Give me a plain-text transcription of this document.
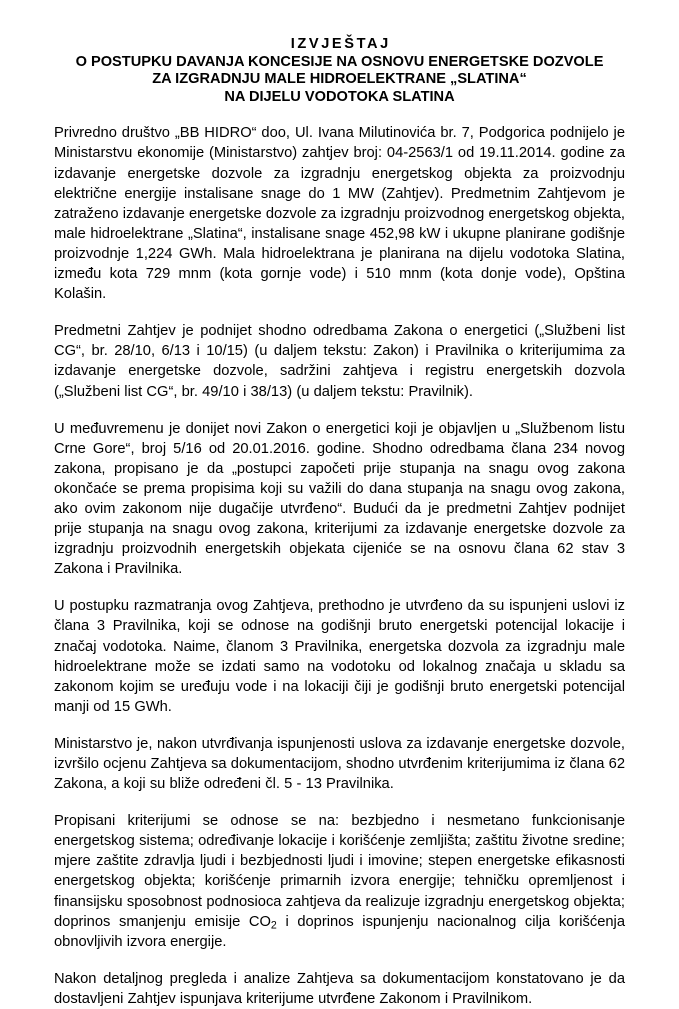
IZVJEŠTAJ
O POSTUPKU DAVANJA KONCESIJE NA OSNOVU ENERGETSKE DOZVOLE
ZA IZGRADNJU MALE HIDROELEKTRANE „SLATINA“
NA DIJELU VODOTOKA SLATINA

Privredno društvo „BB HIDRO“ doo, Ul. Ivana Milutinovića br. 7, Podgorica podnijelo je Ministarstvu ekonomije (Ministarstvo) zahtjev broj: 04-2563/1 od 19.11.2014. godine za izdavanje energetske dozvole za izgradnju energetskog objekta za proizvodnju električne energije instalisane snage do 1 MW (Zahtjev). Predmetnim Zahtjevom je zatraženo izdavanje energetske dozvole za izgradnju proizvodnog energetskog objekta, male hidroelektrane „Slatina“, instalisane snage 452,98 kW i ukupne planirane godišnje proizvodnje 1,224 GWh. Mala hidroelektrana je planirana na dijelu vodotoka Slatina, između kota 729 mnm (kota gornje vode) i 510 mnm (kota donje vode), Opština Kolašin.

Predmetni Zahtjev je podnijet shodno odredbama Zakona o energetici („Službeni list CG“, br. 28/10, 6/13 i 10/15) (u daljem tekstu: Zakon) i Pravilnika o kriterijumima za izdavanje energetske dozvole, sadržini zahtjeva i registru energetskih dozvola („Službeni list CG“, br. 49/10 i 38/13) (u daljem tekstu: Pravilnik).

U međuvremenu je donijet novi Zakon o energetici koji je objavljen u „Službenom listu Crne Gore“, broj 5/16 od 20.01.2016. godine. Shodno odredbama člana 234 novog zakona, propisano je da „postupci započeti prije stupanja na snagu ovog zakona okončaće se prema propisima koji su važili do dana stupanja na snagu ovog zakona, ako ovim zakonom nije dugačije utvrđeno“. Budući da je predmetni Zahtjev podnijet prije stupanja na snagu ovog zakona, kriterijumi za izdavanje energetske dozvole za izgradnju proizvodnih energetskih objekata cijeniće se na osnovu člana 62 stav 3 Zakona i Pravilnika.

U postupku razmatranja ovog Zahtjeva, prethodno je utvrđeno da su ispunjeni uslovi iz člana 3 Pravilnika, koji se odnose na godišnji bruto energetski potencijal lokacije i značaj vodotoka. Naime, članom 3 Pravilnika, energetska dozvola za izgradnju male hidroelektrane može se izdati samo na vodotoku od lokalnog značaja u skladu sa zakonom kojim se uređuju vode i na lokaciji čiji je godišnji bruto energetski potencijal manji od 15 GWh.

Ministarstvo je, nakon utvrđivanja ispunjenosti uslova za izdavanje energetske dozvole, izvršilo ocjenu Zahtjeva sa dokumentacijom, shodno utvrđenim kriterijumima iz člana 62 Zakona, a koji su bliže određeni čl. 5 - 13 Pravilnika.

Propisani kriterijumi se odnose se na: bezbjedno i nesmetano funkcionisanje energetskog sistema; određivanje lokacije i korišćenje zemljišta; zaštitu životne sredine; mjere zaštite zdravlja ljudi i bezbjednosti ljudi i imovine; stepen energetske efikasnosti energetskog objekta; korišćenje primarnih izvora energije; tehničku opremljenost i finansijsku sposobnost podnosioca zahtjeva da realizuje izgradnju energetskog objekta; doprinos smanjenju emisije $CO_2$ i doprinos ispunjenju nacionalnog cilja korišćenja obnovljivih izvora energije.

Nakon detaljnog pregleda i analize Zahtjeva sa dokumentacijom konstatovano je da dostavljeni Zahtjev ispunjava kriterijume utvrđene Zakonom i Pravilnikom.
